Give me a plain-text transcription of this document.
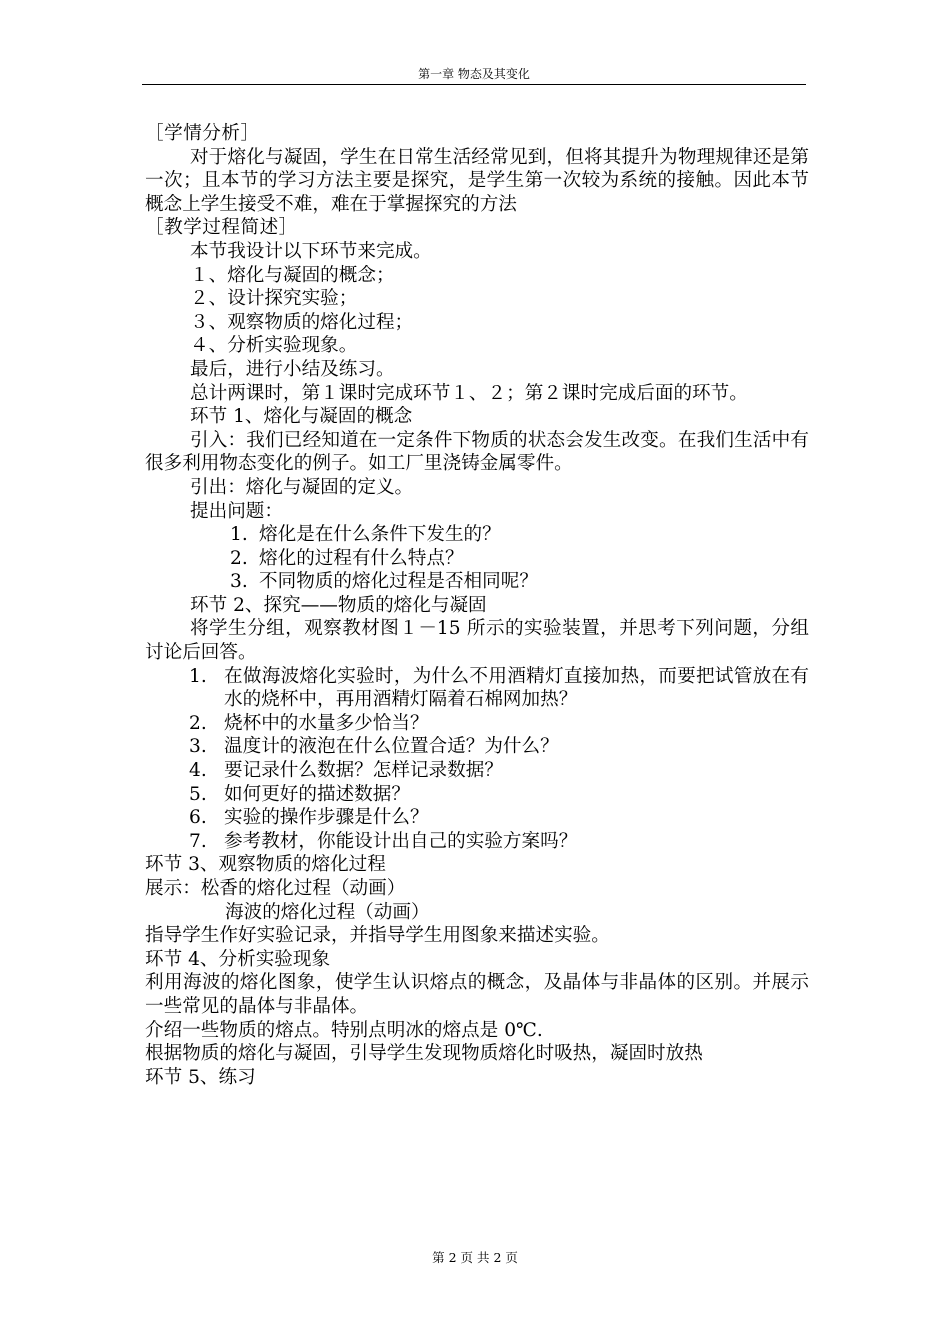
第一章 物态及其变化

［学情分析］

对于熔化与凝固，学生在日常生活经常见到，但将其提升为物理规律还是第一次；且本节的学习方法主要是探究，是学生第一次较为系统的接触。因此本节概念上学生接受不难，难在于掌握探究的方法

［教学过程简述］

本节我设计以下环节来完成。

１、熔化与凝固的概念；

２、设计探究实验；

３、观察物质的熔化过程；

４、分析实验现象。

最后，进行小结及练习。

总计两课时，第１课时完成环节１、２；第２课时完成后面的环节。

环节 1、熔化与凝固的概念

引入：我们已经知道在一定条件下物质的状态会发生改变。在我们生活中有很多利用物态变化的例子。如工厂里浇铸金属零件。

引出：熔化与凝固的定义。

提出问题：

1. 熔化是在什么条件下发生的？
2. 熔化的过程有什么特点？
3. 不同物质的熔化过程是否相同呢？

环节 2、探究——物质的熔化与凝固

将学生分组，观察教材图１－15 所示的实验装置，并思考下列问题，分组讨论后回答。

1. 在做海波熔化实验时，为什么不用酒精灯直接加热，而要把试管放在有水的烧杯中，再用酒精灯隔着石棉网加热？
2. 烧杯中的水量多少恰当？
3. 温度计的液泡在什么位置合适？为什么？
4. 要记录什么数据？怎样记录数据？
5. 如何更好的描述数据？
6. 实验的操作步骤是什么？
7. 参考教材，你能设计出自己的实验方案吗？

环节 3、观察物质的熔化过程

展示：松香的熔化过程（动画）

海波的熔化过程（动画）

指导学生作好实验记录，并指导学生用图象来描述实验。

环节 4、分析实验现象

利用海波的熔化图象，使学生认识熔点的概念，及晶体与非晶体的区别。并展示一些常见的晶体与非晶体。

介绍一些物质的熔点。特别点明冰的熔点是 0℃.

根据物质的熔化与凝固，引导学生发现物质熔化时吸热，凝固时放热

环节 5、练习

第 2 页 共 2 页
